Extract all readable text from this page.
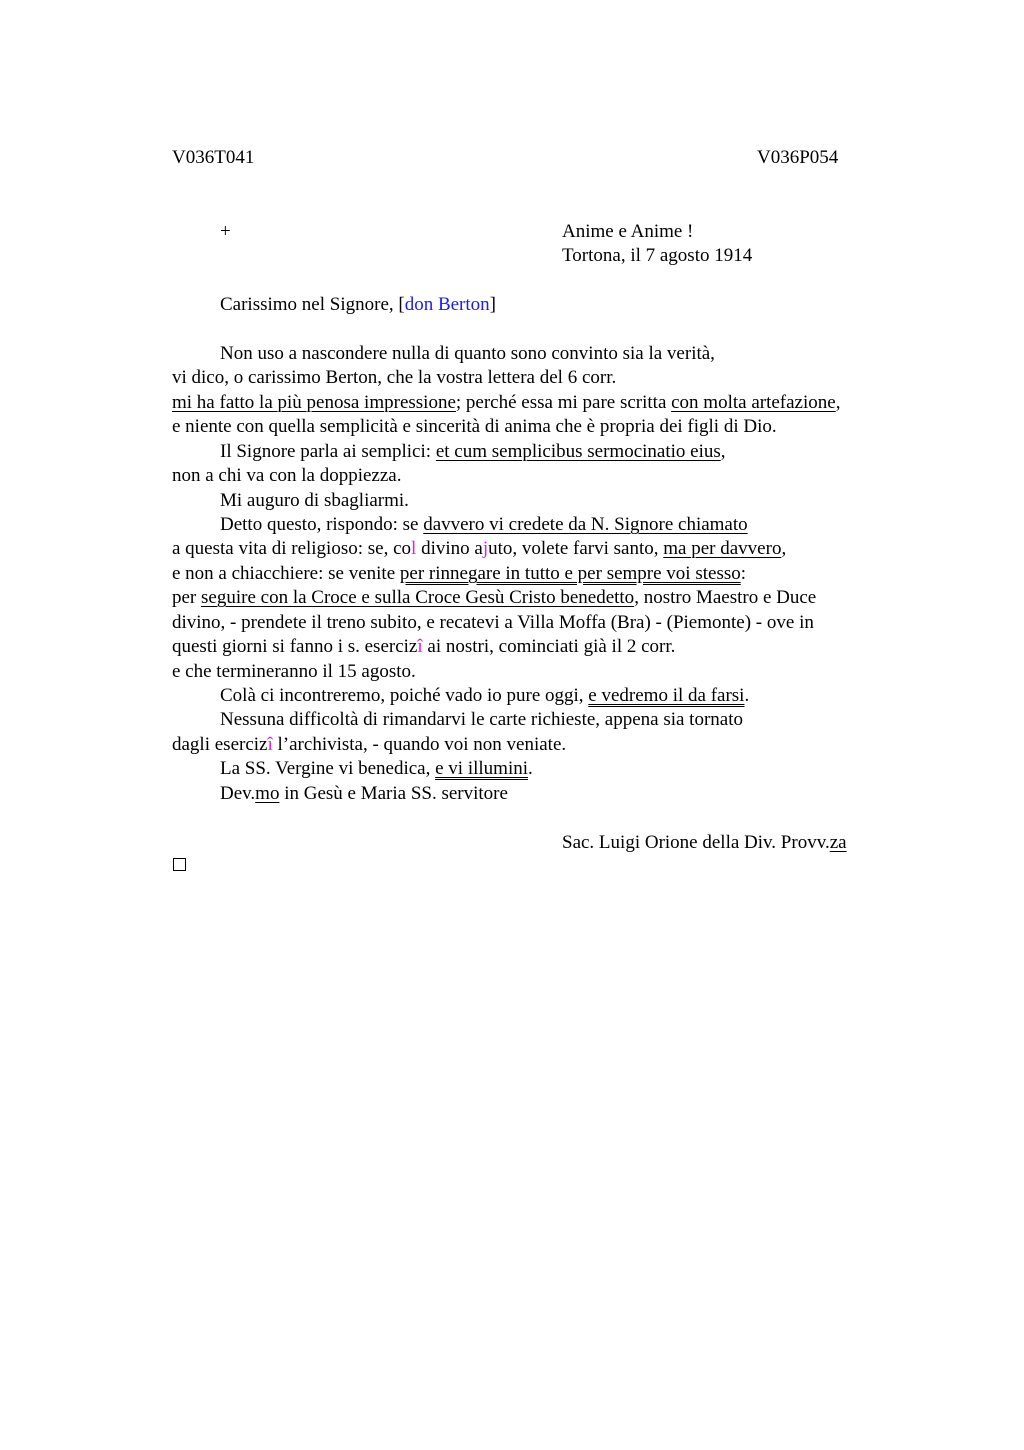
V036T041	V036P054
+	Anime e Anime !
Tortona, il 7 agosto 1914
Carissimo nel Signore, [don Berton]
Non uso a nascondere nulla di quanto sono convinto sia la verità,
vi dico, o carissimo Berton, che la vostra lettera del 6 corr.
mi ha fatto la più penosa impressione; perché essa mi pare scritta con molta artefazione,
e niente con quella semplicità e sincerità di anima che è propria dei figli di Dio.
Il Signore parla ai semplici: et cum semplicibus sermocinatio eius,
non a chi va con la doppiezza.
Mi auguro di sbagliarmi.
Detto questo, rispondo: se davvero vi credete da N. Signore chiamato
a questa vita di religioso: se, col divino ajuto, volete farvi santo, ma per davvero,
e non a chiacchiere: se venite per rinnegare in tutto e per sempre voi stesso:
per seguire con la Croce e sulla Croce Gesù Cristo benedetto, nostro Maestro e Duce
divino, - prendete il treno subito, e recatevi a Villa Moffa (Bra) - (Piemonte) - ove in
questi giorni si fanno i s. esercizî ai nostri, cominciati già il 2 corr.
e che termineranno il 15 agosto.
Colà ci incontreremo, poiché vado io pure oggi, e vedremo il da farsi.
Nessuna difficoltà di rimandarvi le carte richieste, appena sia tornato
dagli esercizî l’archivista, - quando voi non veniate.
La SS. Vergine vi benedica, e vi illumini.
Dev.mo in Gesù e Maria SS. servitore
Sac. Luigi Orione della Div. Provv.za
